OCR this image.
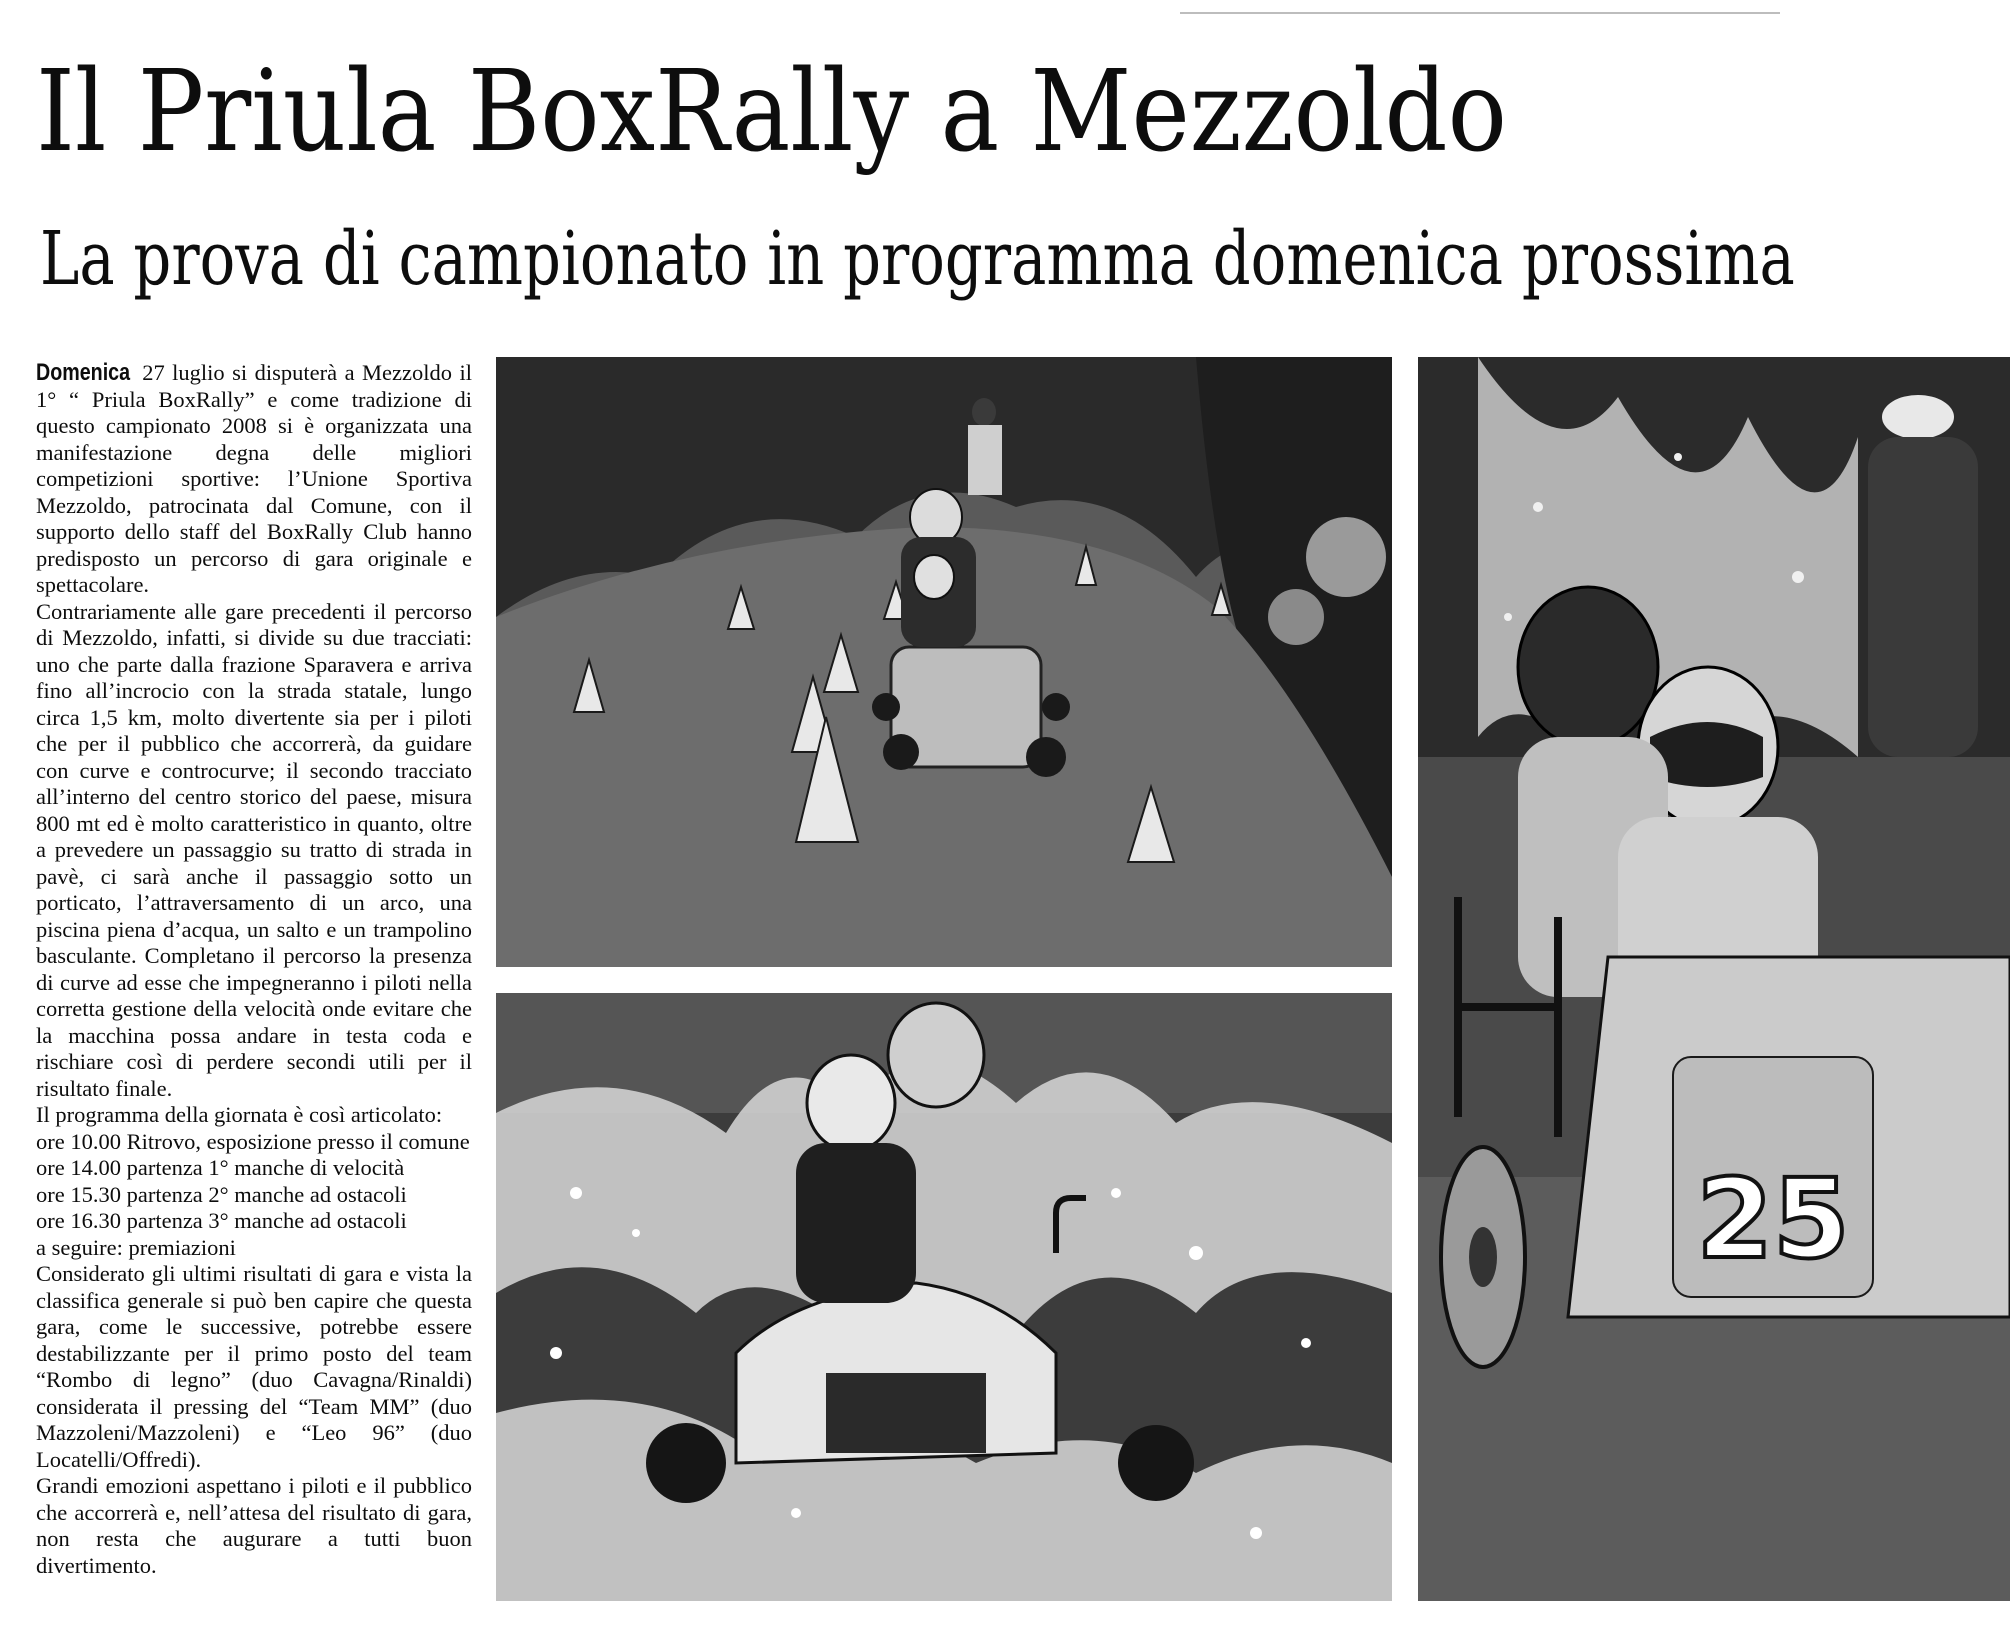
Il Priula BoxRally a Mezzoldo
La prova di campionato in programma domenica prossima

Domenica 27 luglio si disputerà a Mezzoldo il 1° “ Priula BoxRally” e come tradizione di questo campionato 2008 si è organizzata una manifestazione degna delle migliori competizioni sportive: l’Unione Sportiva Mezzoldo, patrocinata dal Comune, con il supporto dello staff del BoxRally Club hanno predisposto un percorso di gara originale e spettacolare.

Contrariamente alle gare precedenti il percorso di Mezzoldo, infatti, si divide su due tracciati: uno che parte dalla frazione Sparavera e arriva fino all’incrocio con la strada statale, lungo circa 1,5 km, molto divertente sia per i piloti che per il pubblico che accorrerà, da guidare con curve e controcurve; il secondo tracciato all’interno del centro storico del paese, misura 800 mt ed è molto caratteristico in quanto, oltre a prevedere un passaggio su tratto di strada in pavè, ci sarà anche il passaggio sotto un porticato, l’attraversamento di un arco, una piscina piena d’acqua, un salto e un trampolino basculante. Completano il percorso la presenza di curve ad esse che impegneranno i piloti nella corretta gestione della velocità onde evitare che la macchina possa andare in testa coda e rischiare così di perdere secondi utili per il risultato finale.

Il programma della giornata è così articolato:

ore 10.00 Ritrovo, esposizione presso il comune
ore 14.00 partenza 1° manche di velocità
ore 15.30 partenza 2° manche ad ostacoli
ore 16.30 partenza 3° manche ad ostacoli
a seguire: premiazioni

Considerato gli ultimi risultati di gara e vista la classifica generale si può ben capire che questa gara, come le successive, potrebbe essere destabilizzante per il primo posto del team “Rombo di legno” (duo Cavagna/Rinaldi) considerata il pressing del “Team MM” (duo Mazzoleni/Mazzoleni) e “Leo 96” (duo Locatelli/Offredi).

Grandi emozioni aspettano i piloti e il pubblico che accorrerà e, nell’attesa del risultato di gara, non resta che augurare a tutti buon divertimento.

25
